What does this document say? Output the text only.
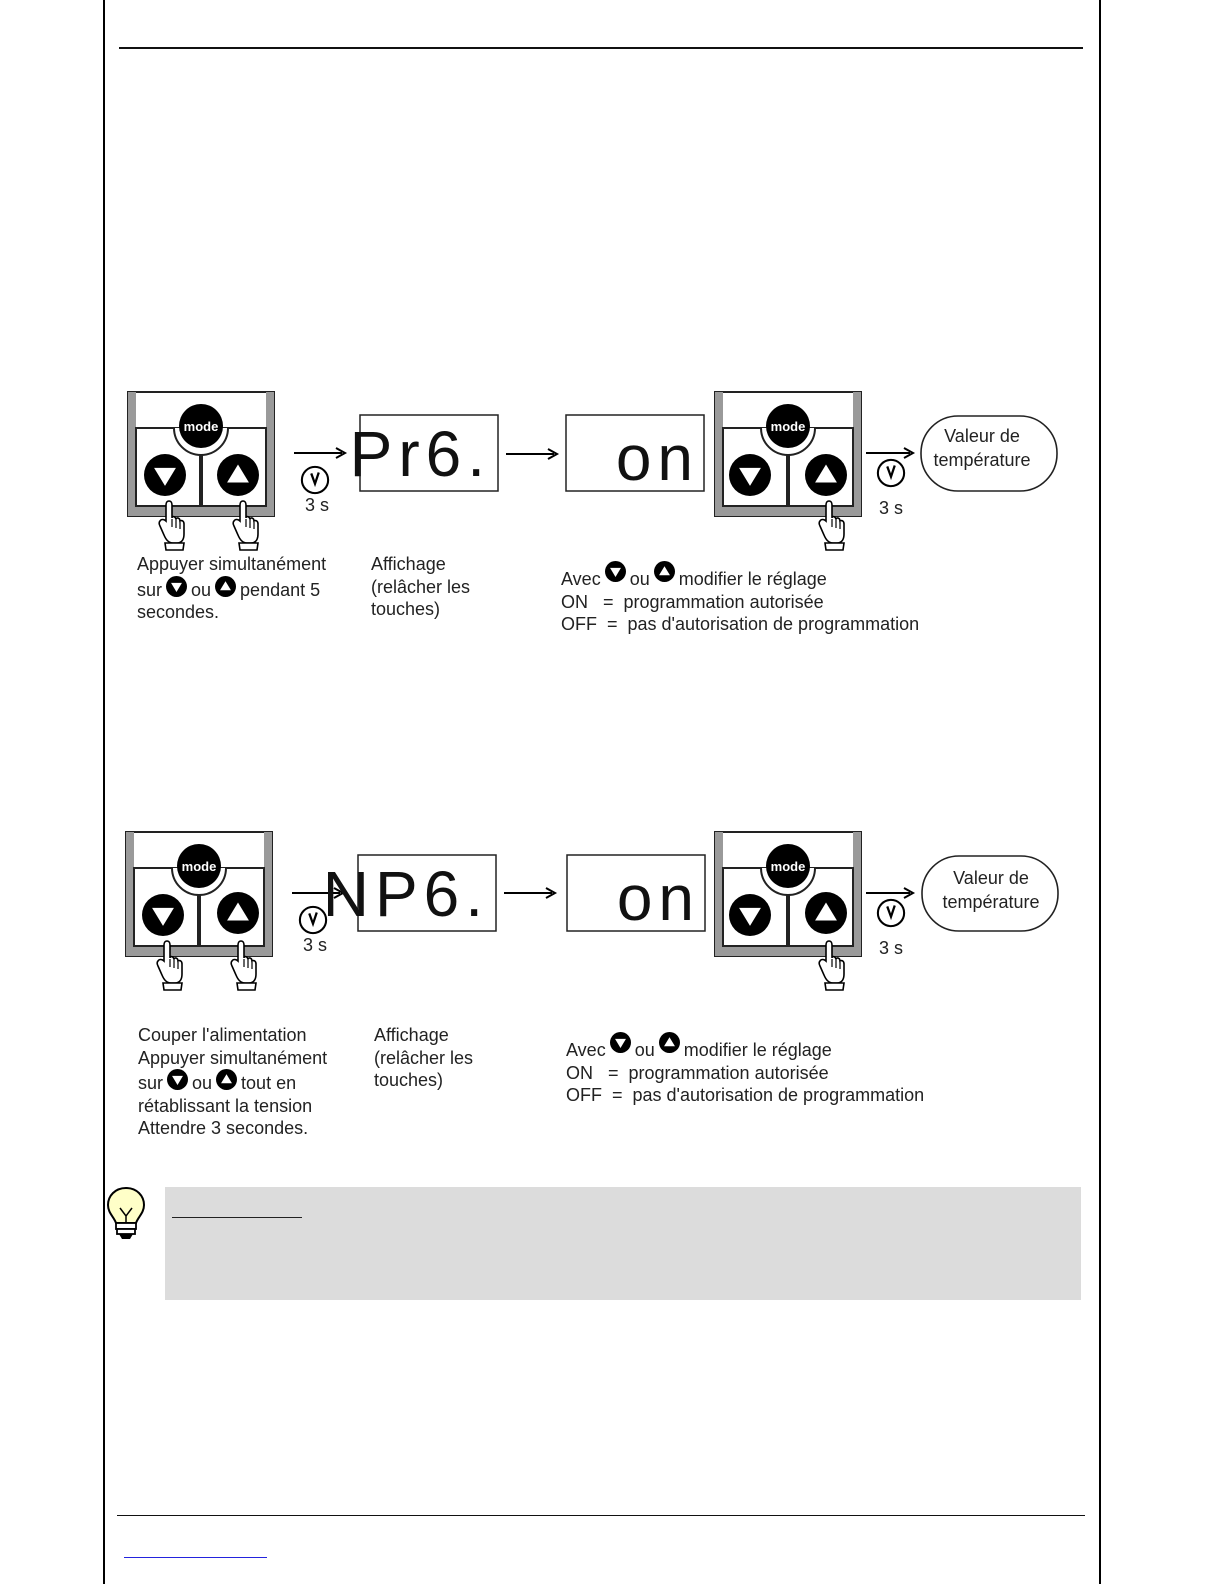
mode
3 s
Pr6. on	mode
3 s
Valeur de
température
Appuyer simultanément
sur ou pendant 5
secondes.
Affichage
(relâcher les
touches)
Avec ou modifier le réglage
ON   =  programmation autorisée
OFF  =  pas d'autorisation de programmation
mode
3 s
NP6. on	mode
3 s
Valeur de
température
Couper l'alimentation
Appuyer simultanément
sur ou tout en
rétablissant la tension
Attendre 3 secondes.
Affichage
(relâcher les
touches)
Avec ou modifier le réglage
ON   =  programmation autorisée
OFF  =  pas d'autorisation de programmation
